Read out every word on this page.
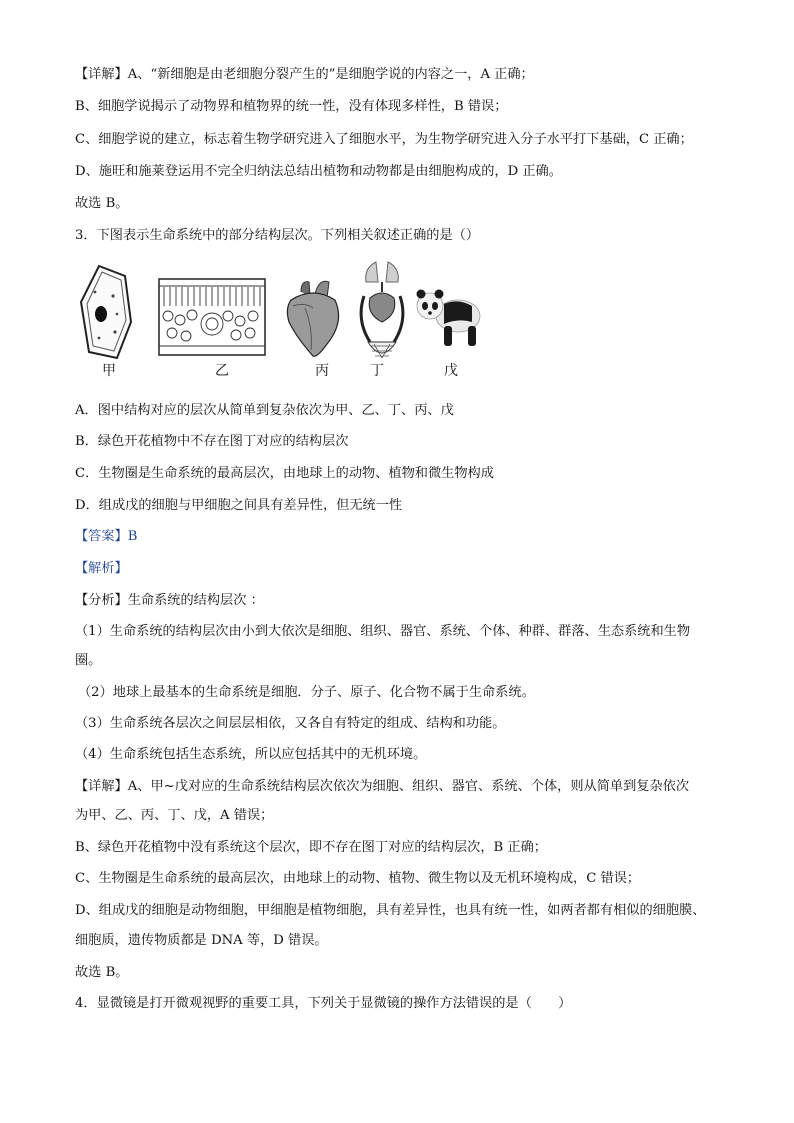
【详解】A、“新细胞是由老细胞分裂产生的”是细胞学说的内容之一，A 正确；
B、细胞学说揭示了动物界和植物界的统一性，没有体现多样性，B 错误；
C、细胞学说的建立，标志着生物学研究进入了细胞水平，为生物学研究进入分子水平打下基础，C 正确；
D、施旺和施莱登运用不完全归纳法总结出植物和动物都是由细胞构成的，D 正确。
故选 B。
3．下图表示生命系统中的部分结构层次。下列相关叙述正确的是（）
甲	乙	丙	丁	戊
A．图中结构对应的层次从简单到复杂依次为甲、乙、丁、丙、戊
B．绿色开花植物中不存在图丁对应的结构层次
C．生物圈是生命系统的最高层次，由地球上的动物、植物和微生物构成
D．组成戊的细胞与甲细胞之间具有差异性，但无统一性
【答案】B
【解析】
【分析】生命系统的结构层次 ：
（1）生命系统的结构层次由小到大依次是细胞、组织、器官、系统、个体、种群、群落、生态系统和生物
圈。
（2）地球上最基本的生命系统是细胞．分子、原子、化合物不属于生命系统。
（3）生命系统各层次之间层层相依，又各自有特定的组成、结构和功能。
（4）生命系统包括生态系统，所以应包括其中的无机环境。
【详解】A、甲~戊对应的生命系统结构层次依次为细胞、组织、器官、系统、个体，则从简单到复杂依次
为甲、乙、丙、丁、戊，A 错误；
B、绿色开花植物中没有系统这个层次，即不存在图丁对应的结构层次，B 正确；
C、生物圈是生命系统的最高层次，由地球上的动物、植物、微生物以及无机环境构成，C 错误；
D、组成戊的细胞是动物细胞，甲细胞是植物细胞，具有差异性，也具有统一性，如两者都有相似的细胞膜、
细胞质，遗传物质都是 DNA 等，D 错误。
故选 B。
4．显微镜是打开微观视野的重要工具，下列关于显微镜的操作方法错误的是（　　）
